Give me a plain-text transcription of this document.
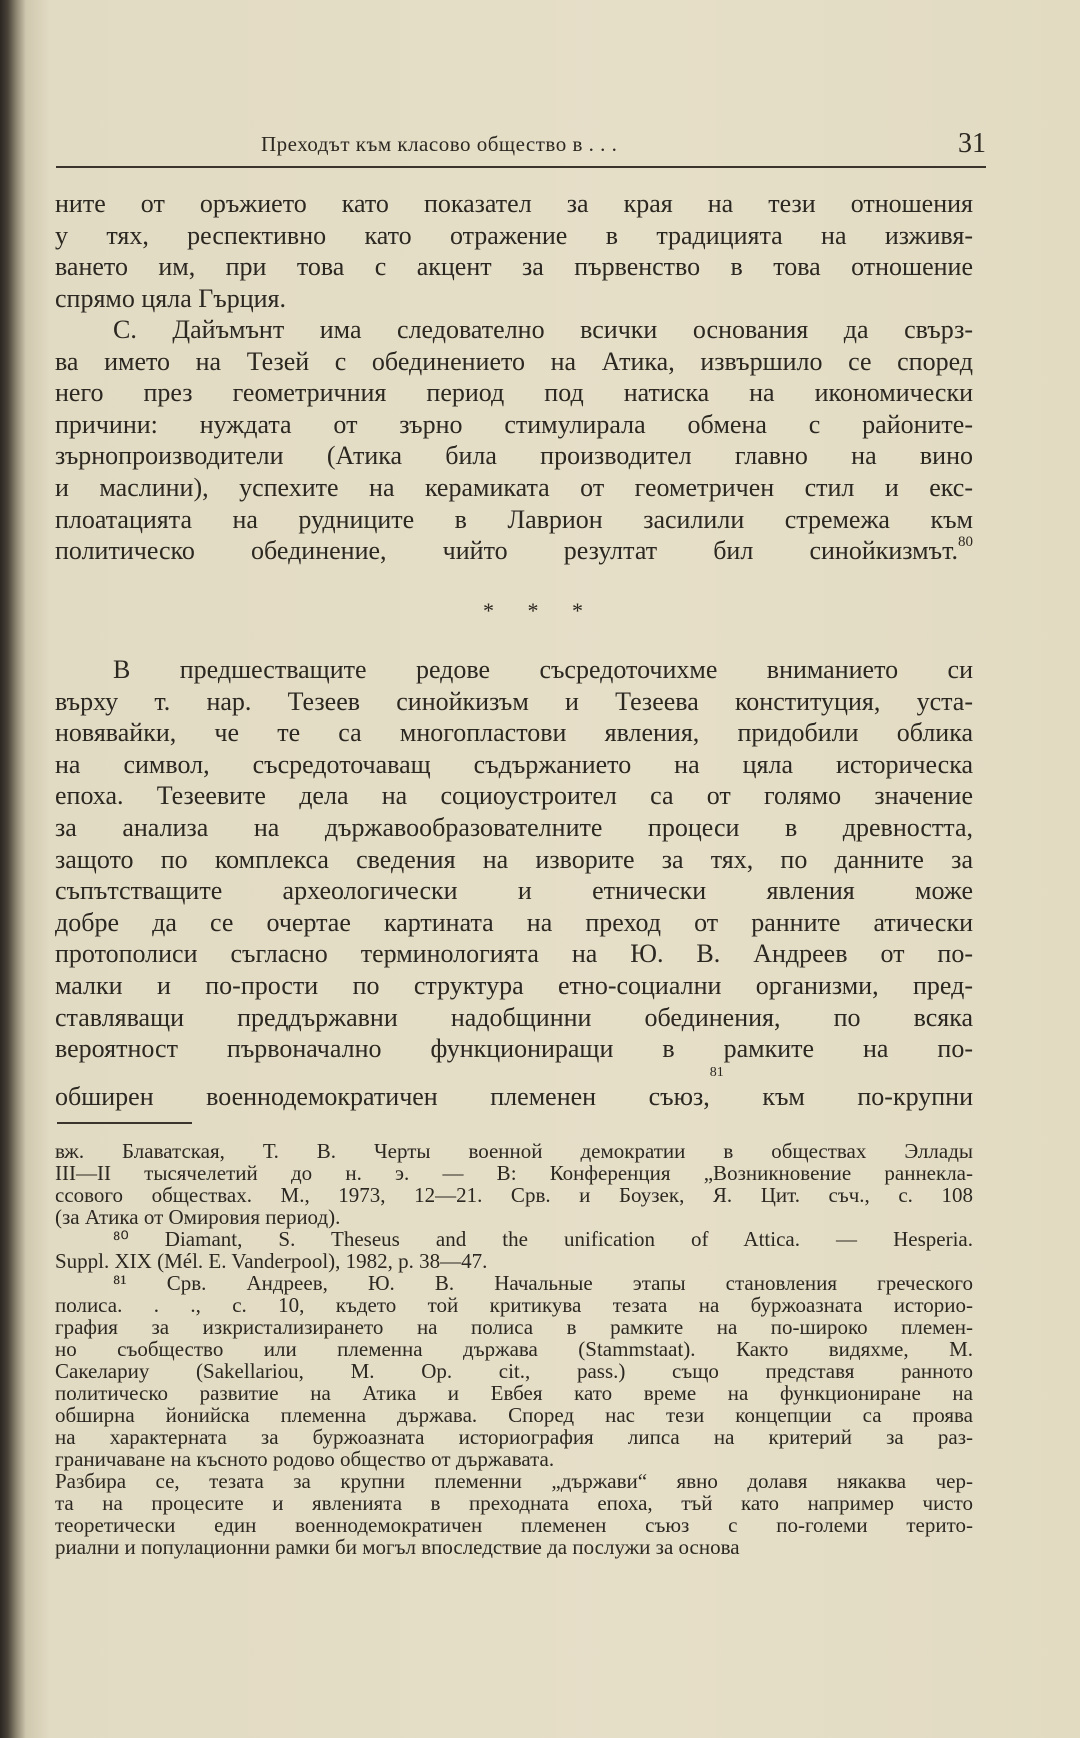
Преходът към класово общество в . . .	31
ните от оръжието като показател за края на тези отношения
у тях, респективно като отражение в традицията на изживя-
ването им, при това с акцент за първенство в това отношение
спрямо цяла Гърция.
С. Дайъмънт има следователно всички основания да свърз-
ва името на Тезей с обединението на Атика, извършило се според
него през геометричния период под натиска на икономически
причини: нуждата от зърно стимулирала обмена с районите-
зърнопроизводители (Атика била производител главно на вино
и маслини), успехите на керамиката от геометричен стил и екс-
плоатацията на рудниците в Лаврион засилили стремежа към
политическо обединение, чийто резултат бил синойкизмът.$^{80}$
* * *
В предшестващите редове съсредоточихме вниманието си
върху т. нар. Тезеев синойкизъм и Тезеева конституция, уста-
новявайки, че те са многопластови явления, придобили облика
на символ, съсредоточаващ съдържанието на цяла историческа
епоха. Тезеевите дела на социоустроител са от голямо значение
за анализа на държавообразователните процеси в древността,
защото по комплекса сведения на изворите за тях, по данните за
съпътстващите археологически и етнически явления може
добре да се очертае картината на преход от ранните атически
протополиси съгласно терминологията на Ю. В. Андреев от по-
малки и по-прости по структура етно-социални организми, пред-
ставляващи преддържавни надобщинни обединения, по всяка
вероятност първоначално функциониращи в рамките на по-
обширен военнодемократичен племенен съюз, към по-крупни
81
вж. Блаватская, Т. В. Черты военной демократии в обществах Эллады
III—II тысячелетий до н. э. — В: Конференция „Возникновение раннекла-
ссового обществах. М., 1973, 12—21. Срв. и Боузек, Я. Цит. съч., с. 108
(за Атика от Омировия период).
⁸⁰ Diamant, S. Theseus and the unification of Attica. — Hesperia.
Suppl. XIX (Mél. E. Vanderpool), 1982, p. 38—47.
⁸¹ Срв. Андреев, Ю. В. Начальные этапы становления греческого
полиса. . ., с. 10, където той критикува тезата на буржоазната историо-
графия за изкристализирането на полиса в рамките на по-широко племен-
но съобщество или племенна държава (Stammstaat). Както видяхме, М.
Сакелариу (Sakellariou, M. Op. cit., pass.) също представя ранното
политическо развитие на Атика и Евбея като време на функциониране на
обширна йонийска племенна държава. Според нас тези концепции са проява
на характерната за буржоазната историография липса на критерий за раз-
граничаване на късното родово общество от държавата.
Разбира се, тезата за крупни племенни „държави“ явно долавя някаква чер-
та на процесите и явленията в преходната епоха, тъй като например чисто
теоретически един военнодемократичен племенен съюз с по-големи терито-
риални и популационни рамки би могъл впоследствие да послужи за основа
